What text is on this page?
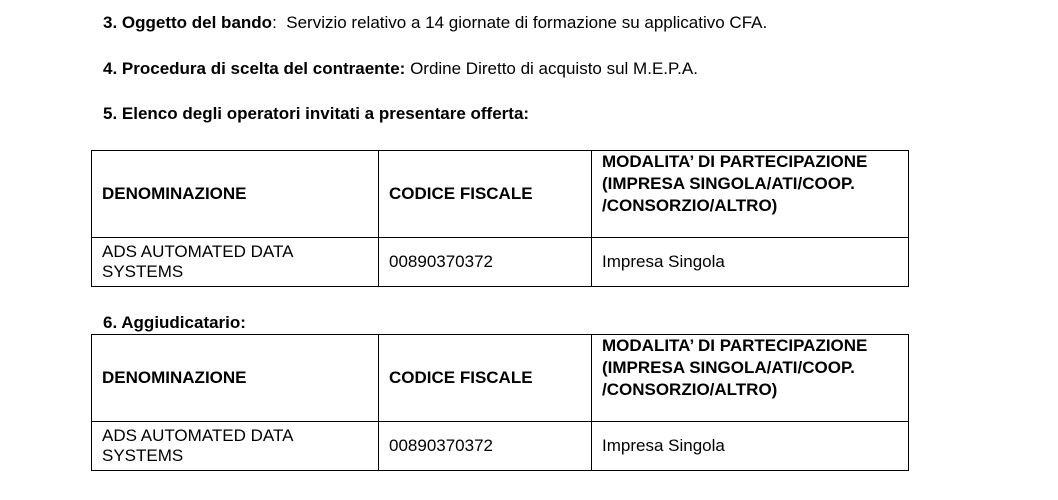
3. Oggetto del bando: Servizio relativo a 14 giornate di formazione su applicativo CFA.
4. Procedura di scelta del contraente: Ordine Diretto di acquisto sul M.E.P.A.
5. Elenco degli operatori invitati a presentare offerta:
DENOMINAZIONE	CODICE FISCALE	MODALITA’ DI PARTECIPAZIONE (IMPRESA SINGOLA/ATI/COOP. /CONSORZIO/ALTRO)
ADS AUTOMATED DATA SYSTEMS	00890370372	Impresa Singola
6. Aggiudicatario:
DENOMINAZIONE	CODICE FISCALE	MODALITA’ DI PARTECIPAZIONE (IMPRESA SINGOLA/ATI/COOP. /CONSORZIO/ALTRO)
ADS AUTOMATED DATA SYSTEMS	00890370372	Impresa Singola
